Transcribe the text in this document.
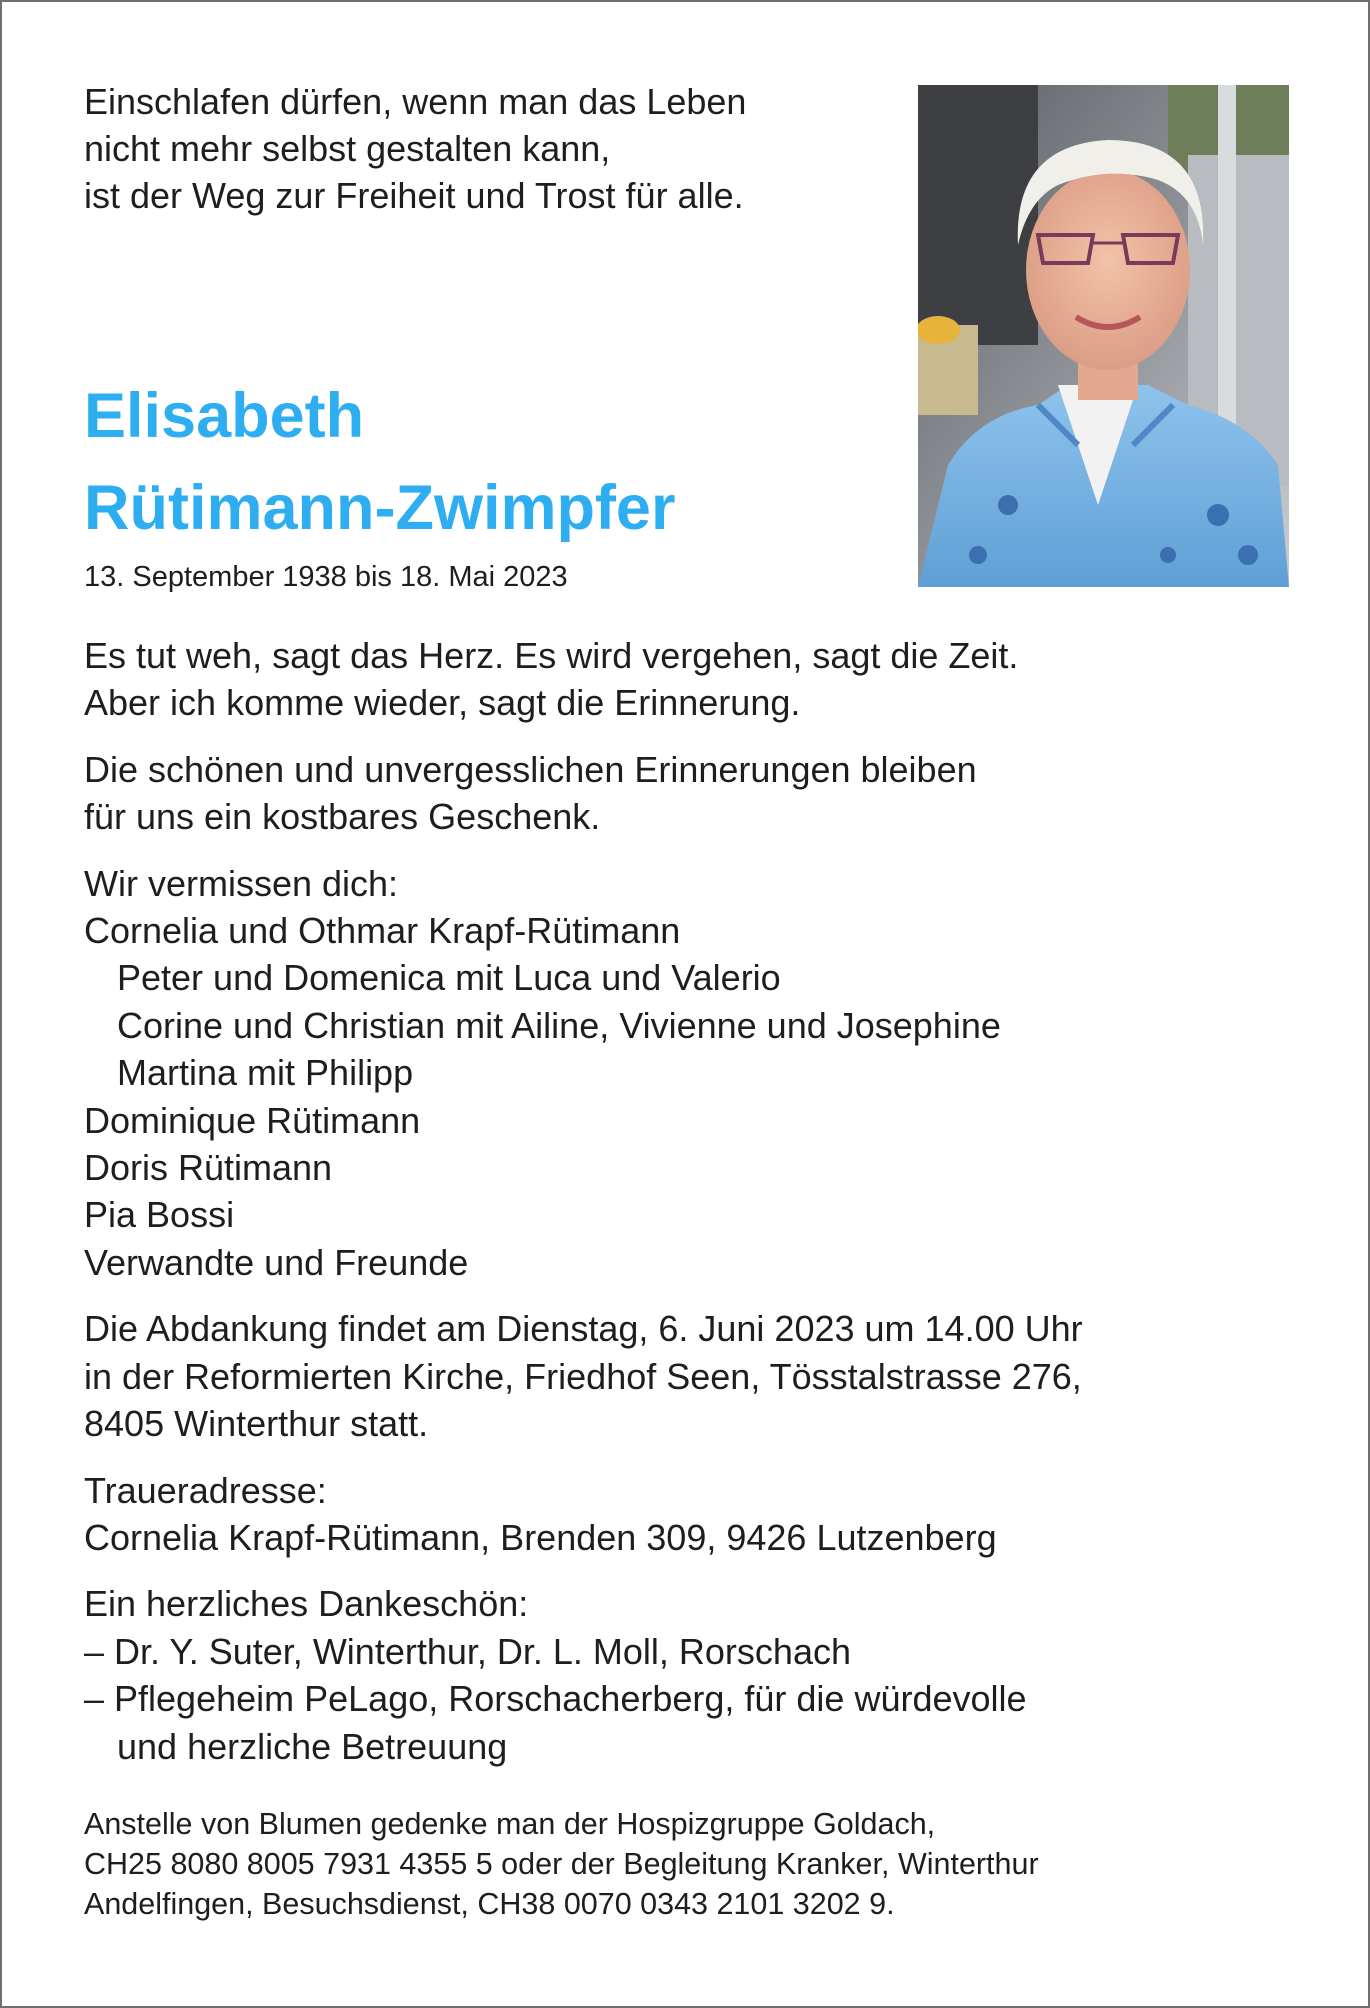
Einschlafen dürfen, wenn man das Leben
nicht mehr selbst gestalten kann,
ist der Weg zur Freiheit und Trost für alle.
Elisabeth
Rütimann-Zwimpfer
13. September 1938 bis 18. Mai 2023

Es tut weh, sagt das Herz. Es wird vergehen, sagt die Zeit.

Aber ich komme wieder, sagt die Erinnerung.

Die schönen und unvergesslichen Erinnerungen bleiben

für uns ein kostbares Geschenk.

Wir vermissen dich:

Cornelia und Othmar Krapf-Rütimann

Peter und Domenica mit Luca und Valerio

Corine und Christian mit Ailine, Vivienne und Josephine

Martina mit Philipp

Dominique Rütimann

Doris Rütimann

Pia Bossi

Verwandte und Freunde

Die Abdankung findet am Dienstag, 6. Juni 2023 um 14.00 Uhr

in der Reformierten Kirche, Friedhof Seen, Tösstalstrasse 276,

8405 Winterthur statt.

Traueradresse:

Cornelia Krapf-Rütimann, Brenden 309, 9426 Lutzenberg

Ein herzliches Dankeschön:

– Dr. Y. Suter, Winterthur, Dr. L. Moll, Rorschach

– Pflegeheim PeLago, Rorschacherberg, für die würdevolle

und herzliche Betreuung

Anstelle von Blumen gedenke man der Hospizgruppe Goldach,
CH25 8080 8005 7931 4355 5 oder der Begleitung Kranker, Winterthur
Andelfingen, Besuchsdienst, CH38 0070 0343 2101 3202 9.
